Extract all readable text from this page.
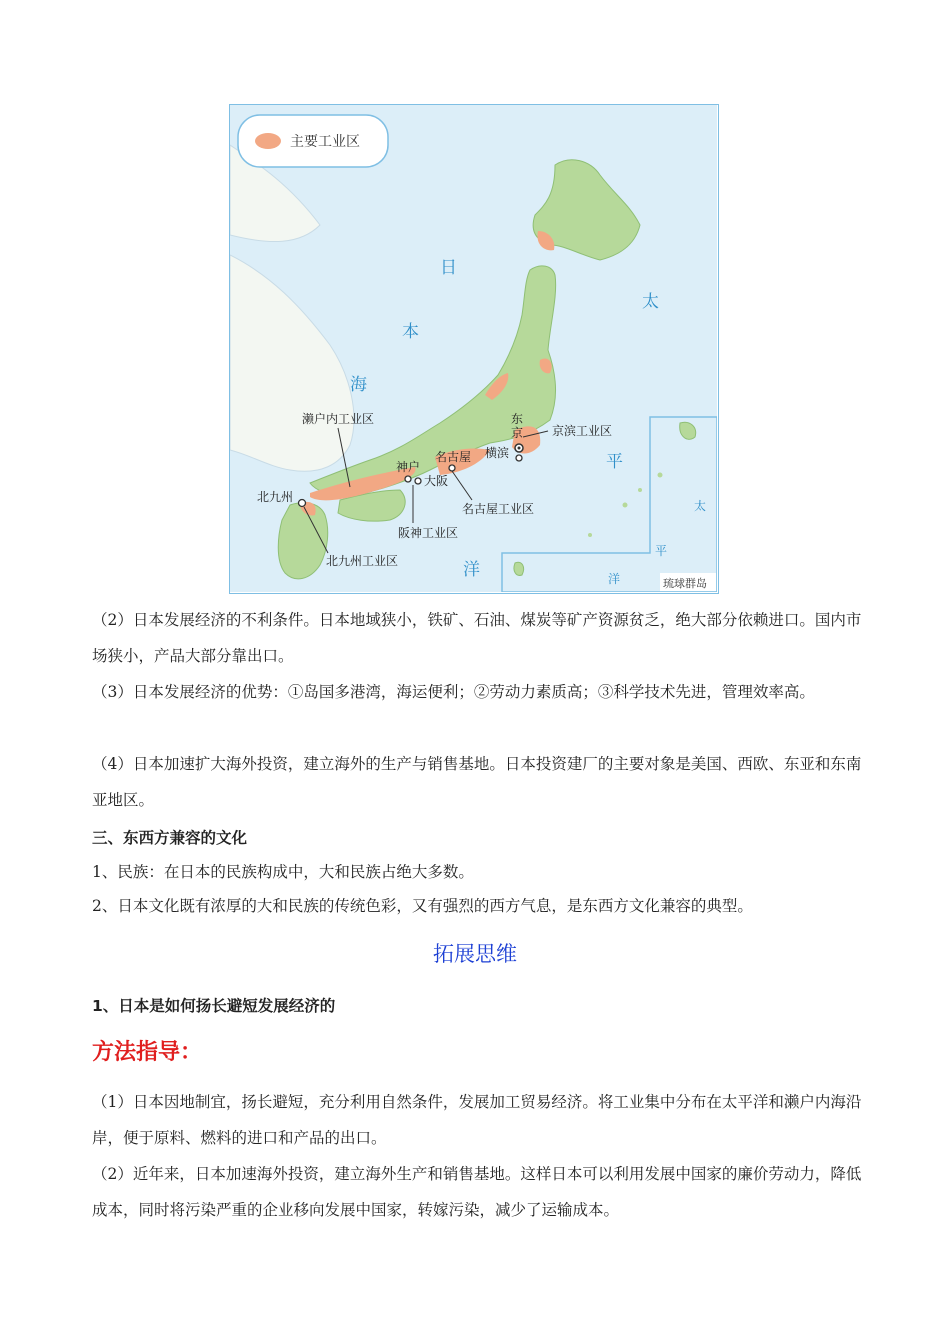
主要工业区
日
本
海
太
平
洋
太
平
洋	琉球群岛
东
京
横滨
名古屋
神户
大阪
北九州
京滨工业区
濑户内工业区
名古屋工业区
阪神工业区
北九州工业区

（2）日本发展经济的不利条件。日本地域狭小，铁矿、石油、煤炭等矿产资源贫乏，绝大部分依赖进口。国内市场狭小，产品大部分靠出口。

（3）日本发展经济的优势：①岛国多港湾，海运便利；②劳动力素质高；③科学技术先进，管理效率高。

（4）日本加速扩大海外投资，建立海外的生产与销售基地。日本投资建厂的主要对象是美国、西欧、东亚和东南亚地区。

三、东西方兼容的文化

1、民族：在日本的民族构成中，大和民族占绝大多数。

2、日本文化既有浓厚的大和民族的传统色彩，又有强烈的西方气息，是东西方文化兼容的典型。

拓展思维

1、日本是如何扬长避短发展经济的

方法指导：

（1）日本因地制宜，扬长避短，充分利用自然条件，发展加工贸易经济。将工业集中分布在太平洋和濑户内海沿岸，便于原料、燃料的进口和产品的出口。

（2）近年来，日本加速海外投资，建立海外生产和销售基地。这样日本可以利用发展中国家的廉价劳动力，降低成本，同时将污染严重的企业移向发展中国家，转嫁污染，减少了运输成本。
